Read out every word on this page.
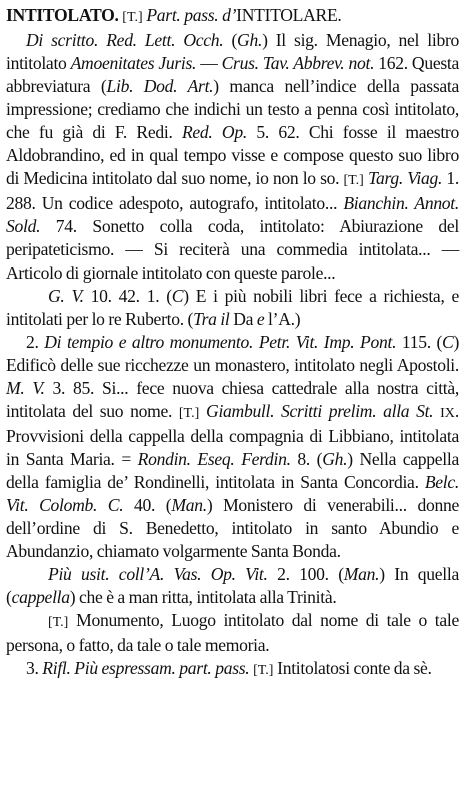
INTITOLATO. [T.] Part. pass. d’INTITOLARE.

Di scritto. Red. Lett. Occh. (Gh.) Il sig. Menagio, nel libro intitolato Amoenitates Juris. — Crus. Tav. Abbrev. not. 162. Questa abbreviatura (Lib. Dod. Art.) manca nell’indice della passata impressione; crediamo che indichi un testo a penna così intitolato, che fu già di F. Redi. Red. Op. 5. 62. Chi fosse il maestro Aldobrandino, ed in qual tempo visse e compose questo suo libro di Medicina intitolato dal suo nome, io non lo so. [T.] Targ. Viag. 1. 288. Un codice adespoto, autografo, intitolato... Bianchin. Annot. Sold. 74. Sonetto colla coda, intitolato: Abiurazione del peripateticismo. — Si reciterà una commedia intitolata... — Articolo di giornale intitolato con queste parole...

G. V. 10. 42. 1. (C) E i più nobili libri fece a richiesta, e intitolati per lo re Ruberto. (Tra il Da e l’A.)

2. Di tempio e altro monumento. Petr. Vit. Imp. Pont. 115. (C) Edificò delle sue ricchezze un monastero, intitolato negli Apostoli. M. V. 3. 85. Si... fece nuova chiesa cattedrale alla nostra città, intitolata del suo nome. [T.] Giambull. Scritti prelim. alla St. IX. Provvisioni della cappella della compagnia di Libbiano, intitolata in Santa Maria. = Rondin. Eseq. Ferdin. 8. (Gh.) Nella cappella della famiglia de’ Rondinelli, intitolata in Santa Concordia. Belc. Vit. Colomb. C. 40. (Man.) Monistero di venerabili... donne dell’ordine di S. Benedetto, intitolato in santo Abundio e Abundanzio, chiamato volgarmente Santa Bonda.

Più usit. coll’A. Vas. Op. Vit. 2. 100. (Man.) In quella (cappella) che è a man ritta, intitolata alla Trinità.

[T.] Monumento, Luogo intitolato dal nome di tale o tale persona, o fatto, da tale o tale memoria.

3. Rifl. Più espressam. part. pass. [T.] Intitolatosi conte da sè.
